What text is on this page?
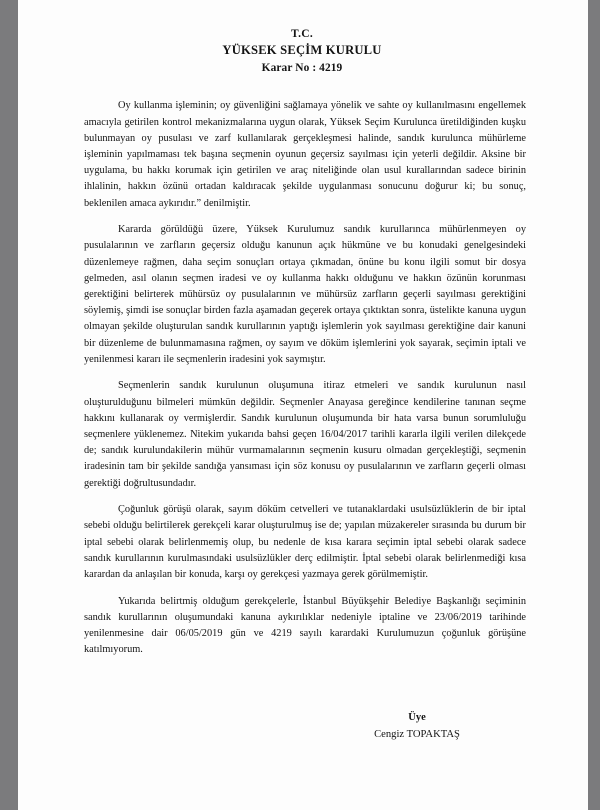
T.C.
YÜKSEK SEÇİM KURULU
Karar No : 4219

Oy kullanma işleminin; oy güvenliğini sağlamaya yönelik ve sahte oy kullanılmasını engellemek amacıyla getirilen kontrol mekanizmalarına uygun olarak, Yüksek Seçim Kurulunca üretildiğinden kuşku bulunmayan oy pusulası ve zarf kullanılarak gerçekleşmesi halinde, sandık kurulunca mühürleme işleminin yapılmaması tek başına seçmenin oyunun geçersiz sayılması için yeterli değildir. Aksine bir uygulama, bu hakkı korumak için getirilen ve araç niteliğinde olan usul kurallarından sadece birinin ihlalinin, hakkın özünü ortadan kaldıracak şekilde uygulanması sonucunu doğurur ki; bu sonuç, beklenilen amaca aykırıdır.” denilmiştir.

Kararda görüldüğü üzere, Yüksek Kurulumuz sandık kurullarınca mühürlenmeyen oy pusulalarının ve zarfların geçersiz olduğu kanunun açık hükmüne ve bu konudaki genelgesindeki düzenlemeye rağmen, daha seçim sonuçları ortaya çıkmadan, önüne bu konu ilgili somut bir dosya gelmeden, asıl olanın seçmen iradesi ve oy kullanma hakkı olduğunu ve hakkın özünün korunması gerektiğini belirterek mühürsüz oy pusulalarının ve mühürsüz zarfların geçerli sayılması gerektiğini söylemiş, şimdi ise sonuçlar birden fazla aşamadan geçerek ortaya çıktıktan sonra, üstelikte kanuna uygun olmayan şekilde oluşturulan sandık kurullarının yaptığı işlemlerin yok sayılması gerektiğine dair kanuni bir düzenleme de bulunmamasına rağmen, oy sayım ve döküm işlemlerini yok sayarak, seçimin iptali ve yenilenmesi kararı ile seçmenlerin iradesini yok saymıştır.

Seçmenlerin sandık kurulunun oluşumuna itiraz etmeleri ve sandık kurulunun nasıl oluşturulduğunu bilmeleri mümkün değildir. Seçmenler Anayasa gereğince kendilerine tanınan seçme hakkını kullanarak oy vermişlerdir. Sandık kurulunun oluşumunda bir hata varsa bunun sorumluluğu seçmenlere yüklenemez. Nitekim yukarıda bahsi geçen 16/04/2017 tarihli kararla ilgili verilen dilekçede de; sandık kurulundakilerin mühür vurmamalarının seçmenin kusuru olmadan gerçekleştiği, seçmenin iradesinin tam bir şekilde sandığa yansıması için söz konusu oy pusulalarının ve zarfların geçerli olması gerektiği doğrultusundadır.

Çoğunluk görüşü olarak, sayım döküm cetvelleri ve tutanaklardaki usulsüzlüklerin de bir iptal sebebi olduğu belirtilerek gerekçeli karar oluşturulmuş ise de; yapılan müzakereler sırasında bu durum bir iptal sebebi olarak belirlenmemiş olup, bu nedenle de kısa karara seçimin iptal sebebi olarak sadece sandık kurullarının kurulmasındaki usulsüzlükler derç edilmiştir. İptal sebebi olarak belirlenmediği kısa karardan da anlaşılan bir konuda, karşı oy gerekçesi yazmaya gerek görülmemiştir.

Yukarıda belirtmiş olduğum gerekçelerle, İstanbul Büyükşehir Belediye Başkanlığı seçiminin sandık kurullarının oluşumundaki kanuna aykırılıklar nedeniyle iptaline ve 23/06/2019 tarihinde yenilenmesine dair 06/05/2019 gün ve 4219 sayılı karardaki Kurulumuzun çoğunluk görüşüne katılmıyorum.

Üye
Cengiz TOPAKTAŞ
